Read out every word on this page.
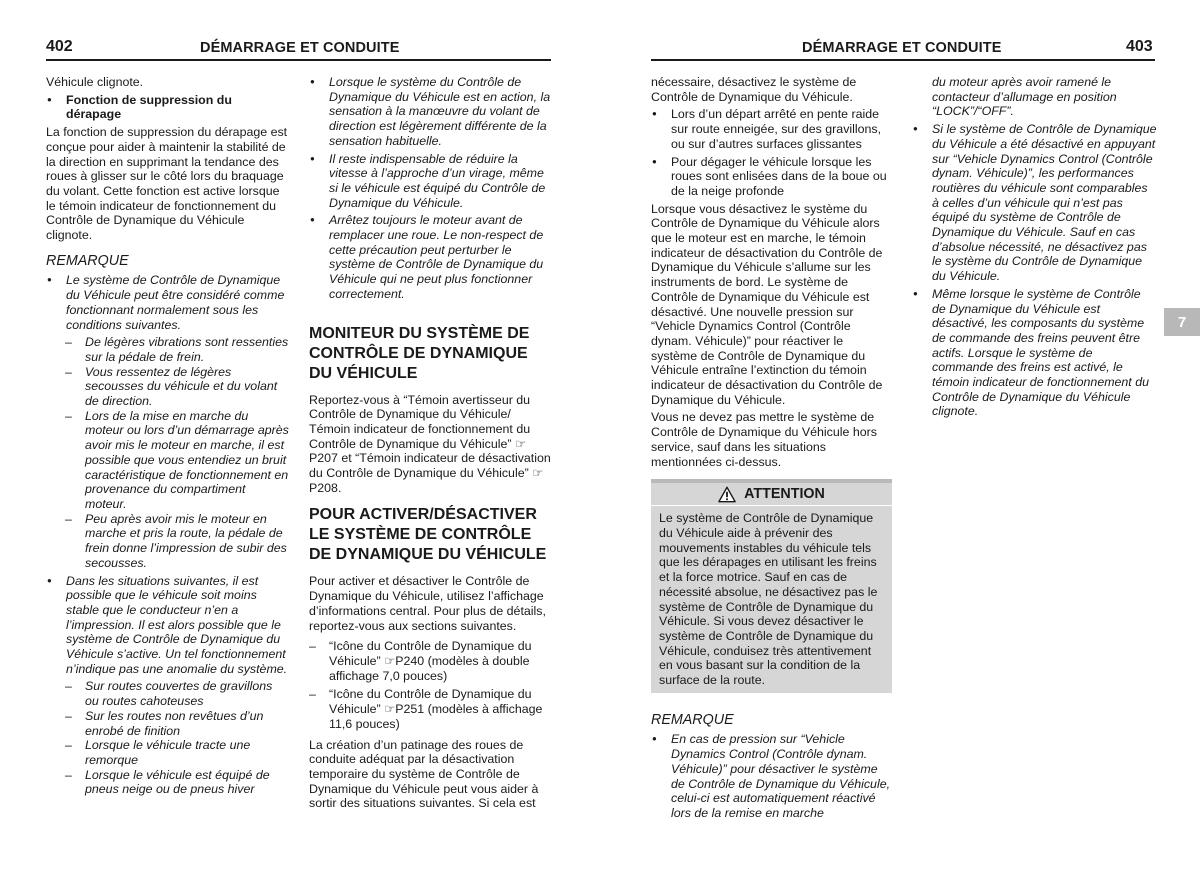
402	DÉMARRAGE ET CONDUITE	DÉMARRAGE ET CONDUITE	403

Véhicule clignote.

● Fonction de suppression du dérapage

La fonction de suppression du dérapage est conçue pour aider à maintenir la stabilité de la direction en supprimant la tendance des roues à glisser sur le côté lors du braquage du volant. Cette fonction est active lorsque le témoin indicateur de fonctionnement du Contrôle de Dynamique du Véhicule clignote.

REMARQUE
● Le système de Contrôle de Dynamique du Véhicule peut être considéré comme fonctionnant normalement sous les conditions suivantes.
– De légères vibrations sont ressenties sur la pédale de frein.
– Vous ressentez de légères secousses du véhicule et du volant de direction.
– Lors de la mise en marche du moteur ou lors d’un démarrage après avoir mis le moteur en marche, il est possible que vous entendiez un bruit caractéristique de fonctionnement en provenance du compartiment moteur.
– Peu après avoir mis le moteur en marche et pris la route, la pédale de frein donne l’impression de subir des secousses.
● Dans les situations suivantes, il est possible que le véhicule soit moins stable que le conducteur n’en a l’impression. Il est alors possible que le système de Contrôle de Dynamique du Véhicule s’active. Un tel fonctionnement n’indique pas une anomalie du système.
– Sur routes couvertes de gravillons ou routes cahoteuses
– Sur les routes non revêtues d’un enrobé de finition
– Lorsque le véhicule tracte une remorque
– Lorsque le véhicule est équipé de pneus neige ou de pneus hiver
● Lorsque le système du Contrôle de Dynamique du Véhicule est en action, la sensation à la manœuvre du volant de direction est légèrement différente de la sensation habituelle.
● Il reste indispensable de réduire la vitesse à l’approche d’un virage, même si le véhicule est équipé du Contrôle de Dynamique du Véhicule.
● Arrêtez toujours le moteur avant de remplacer une roue. Le non-respect de cette précaution peut perturber le système de Contrôle de Dynamique du Véhicule qui ne peut plus fonctionner correctement.
MONITEUR DU SYSTÈME DE CONTRÔLE DE DYNAMIQUE DU VÉHICULE

Reportez-vous à “Témoin avertisseur du Contrôle de Dynamique du Véhicule/ Témoin indicateur de fonctionnement du Contrôle de Dynamique du Véhicule” ☞P207 et “Témoin indicateur de désactivation du Contrôle de Dynamique du Véhicule” ☞P208.

POUR ACTIVER/DÉSACTIVER LE SYSTÈME DE CONTRÔLE DE DYNAMIQUE DU VÉHICULE

Pour activer et désactiver le Contrôle de Dynamique du Véhicule, utilisez l’affichage d’informations central. Pour plus de détails, reportez-vous aux sections suivantes.

– “Icône du Contrôle de Dynamique du Véhicule” ☞P240 (modèles à double affichage 7,0 pouces)
– “Icône du Contrôle de Dynamique du Véhicule” ☞P251 (modèles à affichage 11,6 pouces)

La création d’un patinage des roues de conduite adéquat par la désactivation temporaire du système de Contrôle de Dynamique du Véhicule peut vous aider à sortir des situations suivantes. Si cela est

nécessaire, désactivez le système de Contrôle de Dynamique du Véhicule.

● Lors d’un départ arrêté en pente raide sur route enneigée, sur des gravillons, ou sur d’autres surfaces glissantes
● Pour dégager le véhicule lorsque les roues sont enlisées dans de la boue ou de la neige profonde

Lorsque vous désactivez le système du Contrôle de Dynamique du Véhicule alors que le moteur est en marche, le témoin indicateur de désactivation du Contrôle de Dynamique du Véhicule s’allume sur les instruments de bord. Le système de Contrôle de Dynamique du Véhicule est désactivé. Une nouvelle pression sur “Vehicle Dynamics Control (Contrôle dynam. Véhicule)” pour réactiver le système de Contrôle de Dynamique du Véhicule entraîne l’extinction du témoin indicateur de désactivation du Contrôle de Dynamique du Véhicule.

Vous ne devez pas mettre le système de Contrôle de Dynamique du Véhicule hors service, sauf dans les situations mentionnées ci-dessus.

ATTENTION
Le système de Contrôle de Dynamique du Véhicule aide à prévenir des mouvements instables du véhicule tels que les dérapages en utilisant les freins et la force motrice. Sauf en cas de nécessité absolue, ne désactivez pas le système de Contrôle de Dynamique du Véhicule. Si vous devez désactiver le système de Contrôle de Dynamique du Véhicule, conduisez très attentivement en vous basant sur la condition de la surface de la route.
REMARQUE
● En cas de pression sur “Vehicle Dynamics Control (Contrôle dynam. Véhicule)” pour désactiver le système de Contrôle de Dynamique du Véhicule, celui-ci est automatiquement réactivé lors de la remise en marche

du moteur après avoir ramené le contacteur d’allumage en position “LOCK”/“OFF”.

● Si le système de Contrôle de Dynamique du Véhicule a été désactivé en appuyant sur “Vehicle Dynamics Control (Contrôle dynam. Véhicule)”, les performances routières du véhicule sont comparables à celles d’un véhicule qui n’est pas équipé du système de Contrôle de Dynamique du Véhicule. Sauf en cas d’absolue nécessité, ne désactivez pas le système du Contrôle de Dynamique du Véhicule.
● Même lorsque le système de Contrôle de Dynamique du Véhicule est désactivé, les composants du système de commande des freins peuvent être actifs. Lorsque le système de commande des freins est activé, le témoin indicateur de fonctionnement du Contrôle de Dynamique du Véhicule clignote.
7
